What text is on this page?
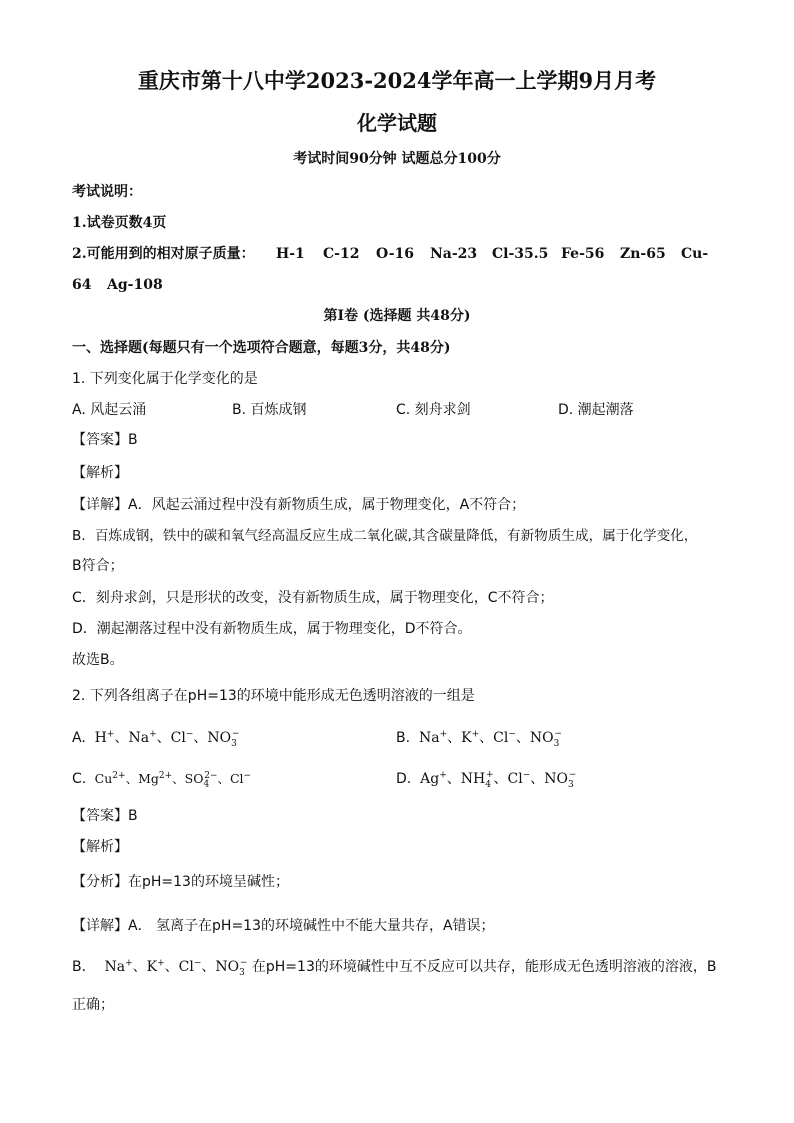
重庆市第十八中学2023-2024学年高一上学期9月月考
化学试题
考试时间90分钟 试题总分100分
考试说明：
1.试卷页数4页
2.可能用到的相对原子质量： H-1 C-12 O-16 Na-23 Cl-35.5 Fe-56 Zn-65 Cu-
64 Ag-108
第Ⅰ卷 (选择题 共48分)
一、选择题(每题只有一个选项符合题意，每题3分，共48分)
1. 下列变化属于化学变化的是
A. 风起云涌	B. 百炼成钢	C. 刻舟求剑	D. 潮起潮落
【答案】B
【解析】
【详解】A．风起云涌过程中没有新物质生成，属于物理变化，A不符合；
B．百炼成钢，铁中的碳和氧气经高温反应生成二氧化碳,其含碳量降低，有新物质生成，属于化学变化，
B符合；
C．刻舟求剑，只是形状的改变，没有新物质生成，属于物理变化，C不符合；
D．潮起潮落过程中没有新物质生成，属于物理变化，D不符合。
故选B。
2. 下列各组离子在pH=13的环境中能形成无色透明溶液的一组是
A.  H+、Na+、Cl−、$NO_3^-$	B.  Na+、K+、Cl−、$NO_3^-$
C.  $Cu^{2+}$、$Mg^{2+}$、$SO_4^{2-}$、Cl−	D.  Ag+、$NH_4^+$、Cl−、$NO_3^-$
【答案】B
【解析】
【分析】在pH=13的环境呈碱性；
【详解】A． 氢离子在pH=13的环境碱性中不能大量共存，A错误；
B．  Na+、K+、Cl−、$NO_3^-$ 在pH=13的环境碱性中互不反应可以共存，能形成无色透明溶液的溶液，B
正确；
